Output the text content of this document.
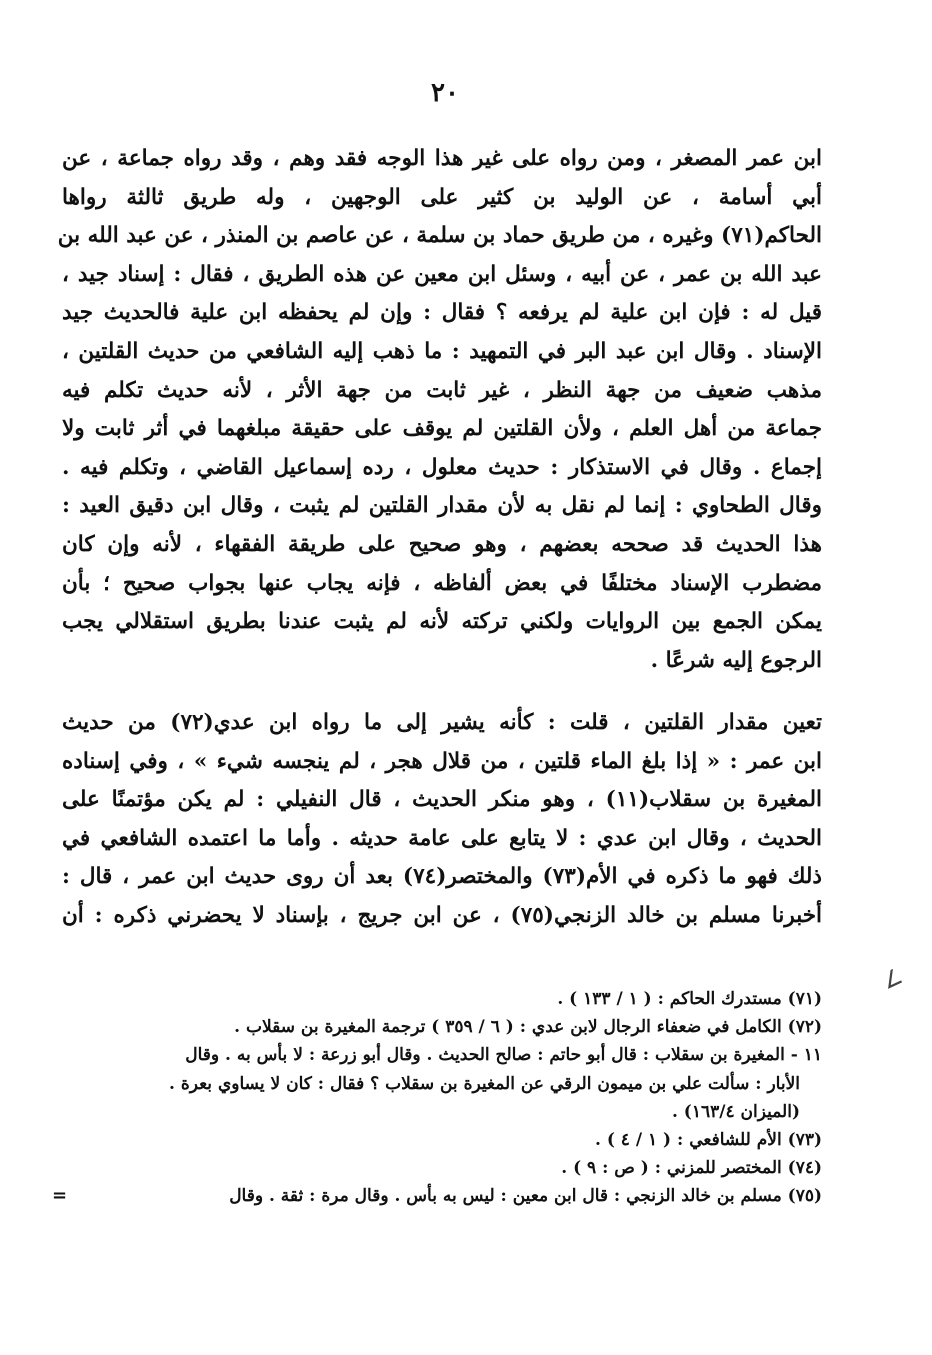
٢٠
ابن عمر المصغر ، ومن رواه على غير هذا الوجه فقد وهم ، وقد رواه جماعة ، عن
أبي أسامة ، عن الوليد بن كثير على الوجهين ، وله طريق ثالثة رواها
الحاكم(٧١) وغيره ، من طريق حماد بن سلمة ، عن عاصم بن المنذر ، عن عبد الله بن
عبد الله بن عمر ، عن أبيه ، وسئل ابن معين عن هذه الطريق ، فقال : إسناد جيد ،
قيل له : فإن ابن علية لم يرفعه ؟ فقال : وإن لم يحفظه ابن علية فالحديث جيد
الإسناد . وقال ابن عبد البر في التمهيد : ما ذهب إليه الشافعي من حديث القلتين ،
مذهب ضعيف من جهة النظر ، غير ثابت من جهة الأثر ، لأنه حديث تكلم فيه
جماعة من أهل العلم ، ولأن القلتين لم يوقف على حقيقة مبلغهما في أثر ثابت ولا
إجماع . وقال في الاستذكار : حديث معلول ، رده إسماعيل القاضي ، وتكلم فيه .
وقال الطحاوي : إنما لم نقل به لأن مقدار القلتين لم يثبت ، وقال ابن دقيق العيد :
هذا الحديث قد صححه بعضهم ، وهو صحيح على طريقة الفقهاء ، لأنه وإن كان
مضطرب الإسناد مختلفًا في بعض ألفاظه ، فإنه يجاب عنها بجواب صحيح ؛ بأن
يمكن الجمع بين الروايات ولكني تركته لأنه لم يثبت عندنا بطريق استقلالي يجب
الرجوع إليه شرعًا .
تعين مقدار القلتين ، قلت : كأنه يشير إلى ما رواه ابن عدي(٧٢) من حديث
ابن عمر : « إذا بلغ الماء قلتين ، من قلال هجر ، لم ينجسه شيء » ، وفي إسناده
المغيرة بن سقلاب(١١) ، وهو منكر الحديث ، قال النفيلي : لم يكن مؤتمنًا على
الحديث ، وقال ابن عدي : لا يتابع على عامة حديثه . وأما ما اعتمده الشافعي في
ذلك فهو ما ذكره في الأم(٧٣) والمختصر(٧٤) بعد أن روى حديث ابن عمر ، قال :
أخبرنا مسلم بن خالد الزنجي(٧٥) ، عن ابن جريج ، بإسناد لا يحضرني ذكره : أن
∠
(٧١) مستدرك الحاكم : ( ١ / ١٣٣ ) .
(٧٢) الكامل في ضعفاء الرجال لابن عدي : ( ٦ / ٣٥٩ ) ترجمة المغيرة بن سقلاب .
١١ - المغيرة بن سقلاب : قال أبو حاتم : صالح الحديث . وقال أبو زرعة : لا بأس به . وقال
الأبار : سألت علي بن ميمون الرقي عن المغيرة بن سقلاب ؟ فقال : كان لا يساوي بعرة .
(الميزان ١٦٣/٤) .
(٧٣) الأم للشافعي : ( ١ / ٤ ) .
(٧٤) المختصر للمزني : ( ص : ٩ ) .
(٧٥) مسلم بن خالد الزنجي : قال ابن معين : ليس به بأس . وقال مرة : ثقة . وقال
=
